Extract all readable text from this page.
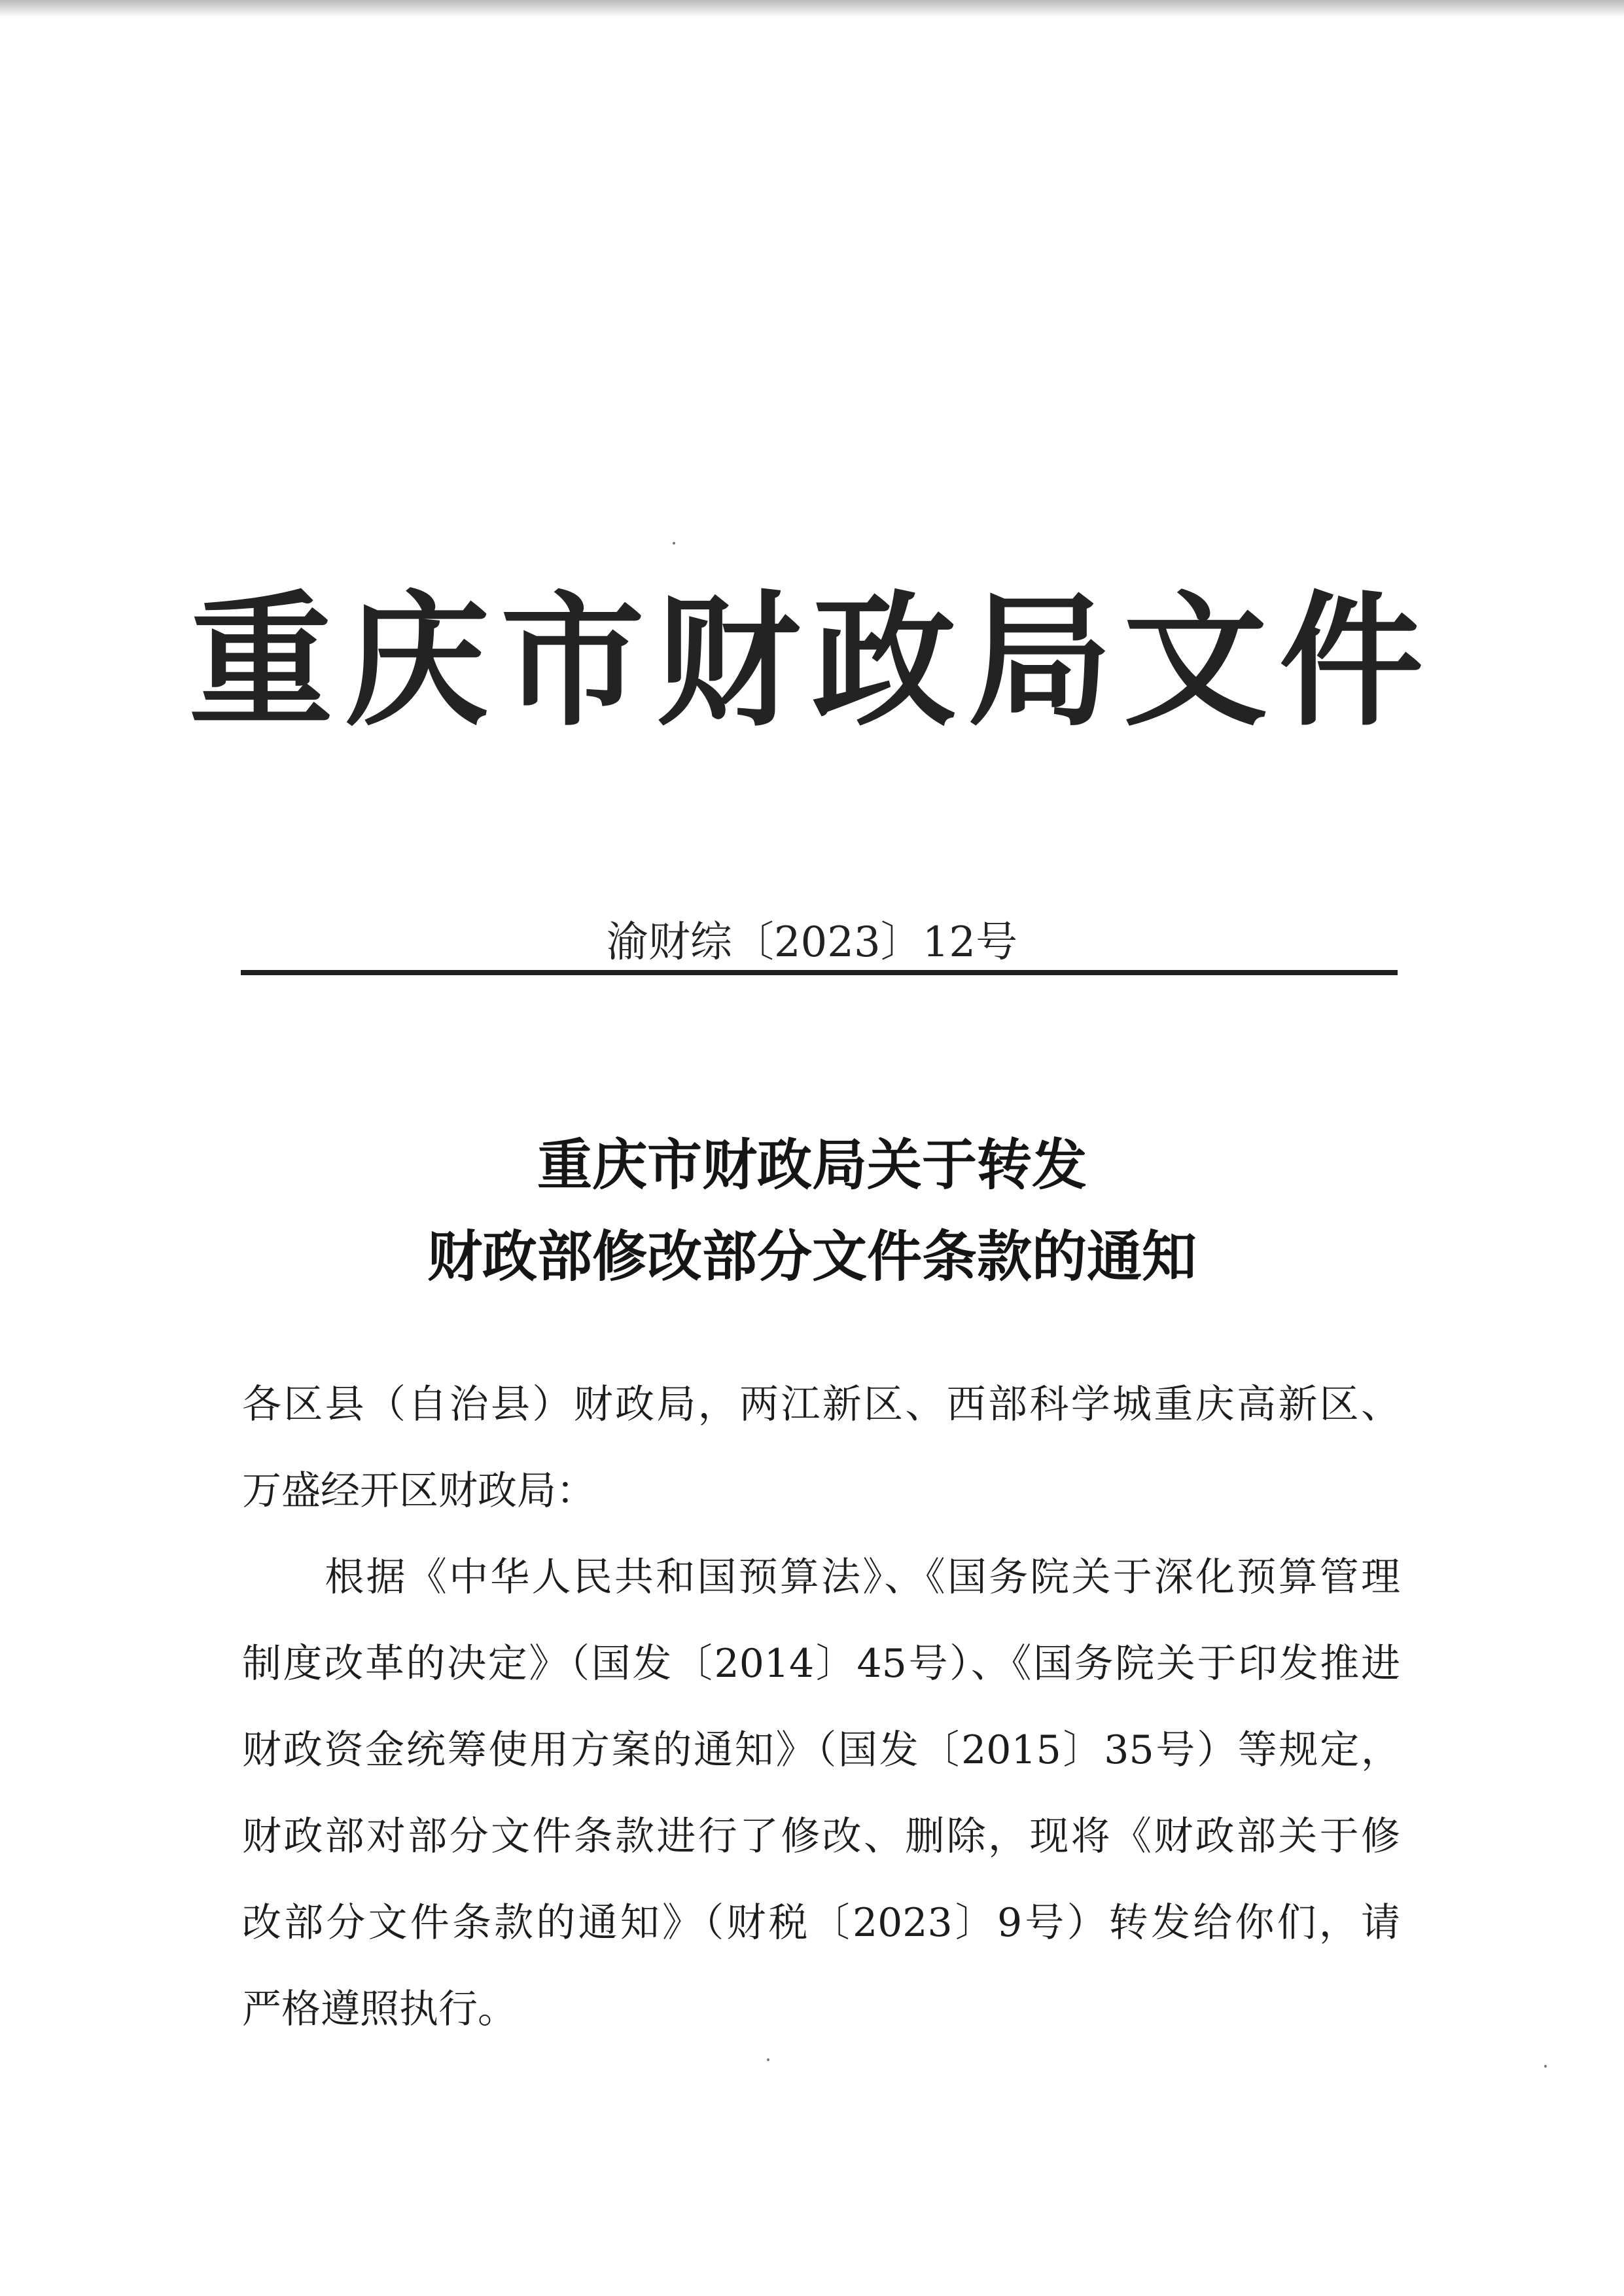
重庆市财政局文件
渝财综〔2023〕12号
重庆市财政局关于转发
财政部修改部分文件条款的通知
各区县（自治县）财政局，两江新区、西部科学城重庆高新区、
万盛经开区财政局：
　　根据《中华人民共和国预算法》、《国务院关于深化预算管理
制度改革的决定》（国发〔2014〕45号）、《国务院关于印发推进
财政资金统筹使用方案的通知》（国发〔2015〕35号）等规定，
财政部对部分文件条款进行了修改、删除，现将《财政部关于修
改部分文件条款的通知》（财税〔2023〕9号）转发给你们，请
严格遵照执行。
